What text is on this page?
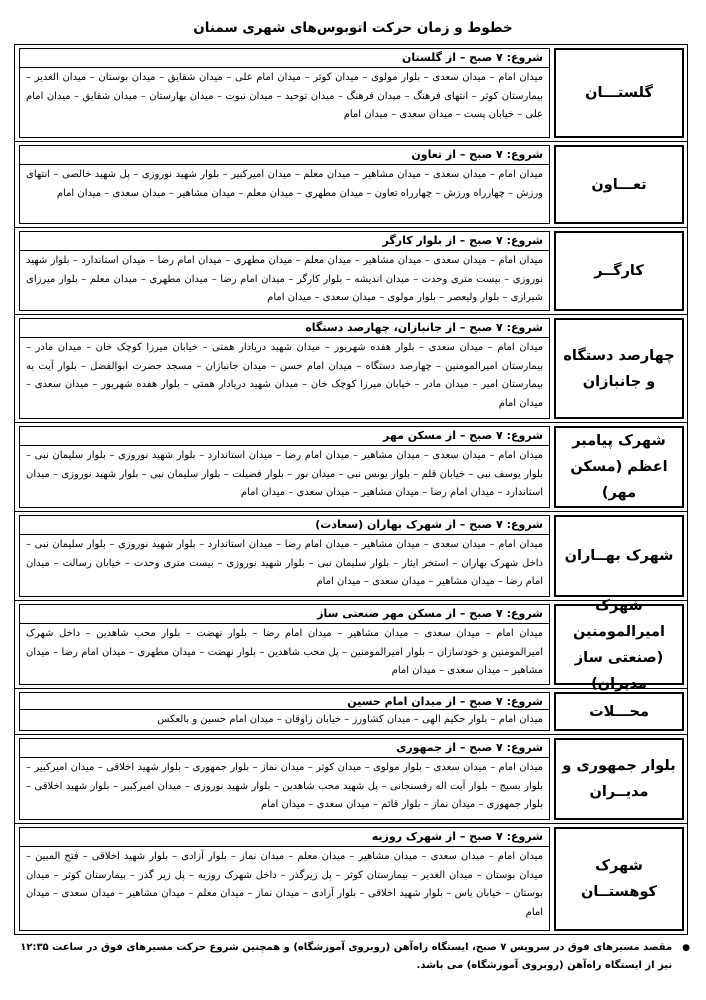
خطوط و زمان حرکت اتوبوس‌های شهری سمنان
گلستـــان
شروع: ۷ صبح – از گلستان
میدان امام – میدان سعدی – بلوار مولوی – میدان کوثر – میدان امام علی – میدان شقایق – میدان بوستان – میدان الغدیر – بیمارستان کوثر – انتهای فرهنگ – میدان فرهنگ – میدان توحید – میدان نبوت – میدان بهارستان – میدان شقایق – میدان امام علی – خیابان پست – میدان سعدی – میدان امام
تعـــاون
شروع: ۷ صبح – از تعاون
میدان امام – میدان سعدی – میدان مشاهیر – میدان معلم – میدان امیرکبیر – بلوار شهید نوروزی – پل شهید خالصی – انتهای ورزش – چهارراه ورزش – چهارراه تعاون – میدان مطهری – میدان معلم – میدان مشاهیر – میدان سعدی – میدان امام
کارگــر
شروع: ۷ صبح – از بلوار کارگر
میدان امام – میدان سعدی – میدان مشاهیر – میدان معلم – میدان مطهری – میدان امام رضا – میدان استاندارد – بلوار شهید نوروزی – بیست متری وحدت – میدان اندیشه – بلوار کارگر – میدان امام رضا – میدان مطهری – میدان معلم – بلوار میرزای شیرازی – بلوار ولیعصر – بلوار مولوی – میدان سعدی – میدان امام
چهارصد دستگاه و جانبازان
شروع: ۷ صبح – از جانبازان، چهارصد دستگاه
میدان امام – میدان سعدی – بلوار هفده شهریور – میدان شهید دریادار همتی – خیابان میرزا کوچک خان – میدان مادر – بیمارستان امیرالمومنین – چهارصد دستگاه – میدان امام حسن – میدان جانبازان – مسجد حضرت ابوالفضل – بلوار آیت به بیمارستان امیر – میدان مادر – خیابان میرزا کوچک خان – میدان شهید دریادار همتی – بلوار هفده شهریور – میدان سعدی – میدان امام
شهرک پیامبر اعظم (مسکن مهر)
شروع: ۷ صبح – از مسکن مهر
میدان امام – میدان سعدی – میدان مشاهیر – میدان امام رضا – میدان استاندارد – بلوار شهید نوروزی – بلوار سلیمان نبی – بلوار یوسف نبی – خیابان قلم – بلوار یونس نبی – میدان نور – بلوار فضیلت – بلوار سلیمان نبی – بلوار شهید نوروزی – میدان استاندارد – میدان امام رضا – میدان مشاهیر – میدان سعدی – میدان امام
شهرک بهــاران
شروع: ۷ صبح – از شهرک بهاران (سعادت)
میدان امام – میدان سعدی – میدان مشاهیر – میدان امام رضا – میدان استاندارد – بلوار شهید نوروزی – بلوار سلیمان نبی – داخل شهرک بهاران – استخر ایثار – بلوار سلیمان نبی – بلوار شهید نوروزی – بیست متری وحدت – خیابان رسالت – میدان امام رضا – میدان مشاهیر – میدان سعدی – میدان امام
شهرک امیرالمومنین (صنعتی ساز مدیران)
شروع: ۷ صبح – از مسکن مهر صنعتی ساز
میدان امام – میدان سعدی – میدان مشاهیر – میدان امام رضا – بلوار نهضت – بلوار محب شاهدین – داخل شهرک امیرالمومنین و خودسازان – بلوار امیرالمومنین – پل محب شاهدین – بلوار نهضت – میدان مطهری – میدان امام رضا – میدان مشاهیر – میدان سعدی – میدان امام
محـــلات
شروع: ۷ صبح – از میدان امام حسین
میدان امام – بلوار حکیم الهی – میدان کشاورز – خیابان زاوقان – میدان امام حسین و بالعکس
بلوار جمهوری و مدیــران
شروع: ۷ صبح – از جمهوری
میدان امام – میدان سعدی – بلوار مولوی – میدان کوثر – میدان نماز – بلوار جمهوری – بلوار شهید اخلاقی – میدان امیرکبیر – بلوار بسیج – بلوار آیت اله رفسنجانی – پل شهید محب شاهدین – بلوار شهید نوروزی – میدان امیرکبیر – بلوار شهید اخلاقی – بلوار جمهوری – میدان نماز – بلوار قائم – میدان سعدی – میدان امام
شهرک کوهستــان
شروع: ۷ صبح – از شهرک روزیه
میدان امام – میدان سعدی – میدان مشاهیر – میدان معلم – میدان نماز – بلوار آزادی – بلوار شهید اخلاقی – فتح المبین – میدان بوستان – میدان الغدیر – بیمارستان کوثر – پل زیرگذر – داخل شهرک روزیه – پل زیر گذر – بیمارستان کوثر – میدان بوستان – خیابان یاس – بلوار شهید اخلاقی – بلوار آزادی – میدان نماز – میدان معلم – میدان مشاهیر – میدان سعدی – میدان امام
●
مقصد مسیرهای فوق در سرویس ۷ صبح، ایستگاه راه‌آهن (روبروی آموزشگاه) و همچنین شروع حرکت مسیرهای فوق در ساعت ۱۲:۳۵ نیز از ایستگاه راه‌آهن (روبروی آموزشگاه) می باشد.
